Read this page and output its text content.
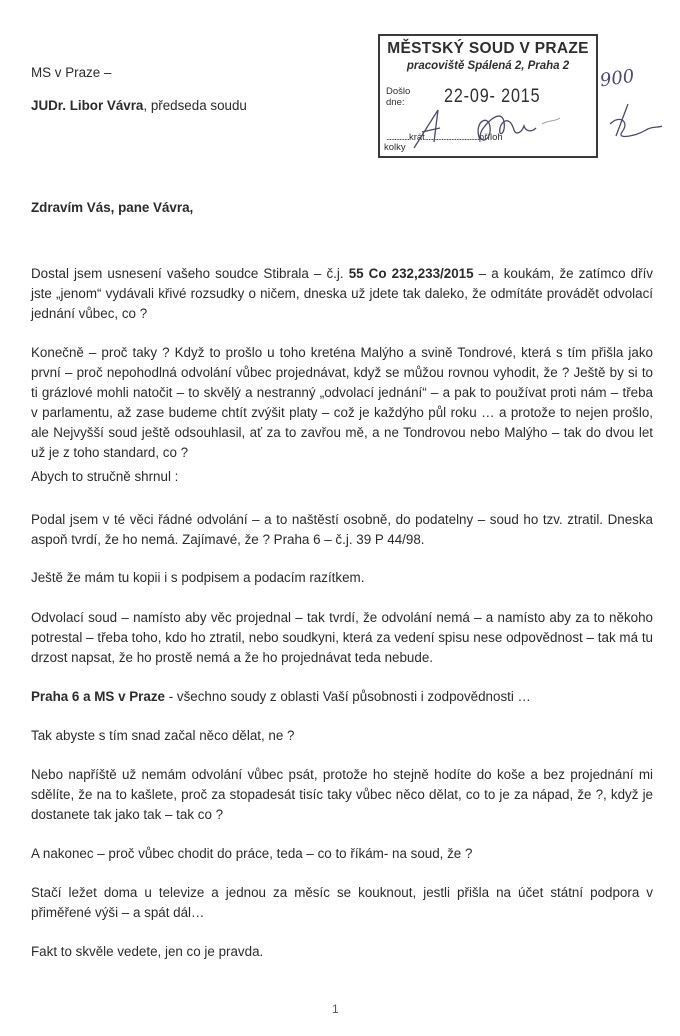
MS v Praze –
JUDr. Libor Vávra, předseda soudu
MĚSTSKÝ SOUD V PRAZE
pracoviště Spálená 2, Praha 2
Došlo
dne:	22-09- 2015
..............krát.................................příloh
kolky
900
Zdravím Vás, pane Vávra,

Dostal jsem usnesení vašeho soudce Stibrala – č.j. 55 Co 232,233/2015 – a koukám, že zatímco dřív jste „jenom“ vydávali křivé rozsudky o ničem, dneska už jdete tak daleko, že odmítáte provádět odvolací jednání vůbec, co ?

Konečně – proč taky ? Když to prošlo u toho kreténa Malýho a svině Tondrové, která s tím přišla jako první – proč nepohodlná odvolání vůbec projednávat, když se můžou rovnou vyhodit, že ? Ještě by si to ti grázlové mohli natočit – to skvělý a nestranný „odvolací jednání“ – a pak to používat proti nám – třeba v parlamentu, až zase budeme chtít zvýšit platy – což je každýho půl roku … a protože to nejen prošlo, ale Nejvyšší soud ještě odsouhlasil, ať za to zavřou mě, a ne Tondrovou nebo Malýho – tak do dvou let už je z toho standard, co ?

Abych to stručně shrnul :

Podal jsem v té věci řádné odvolání – a to naštěstí osobně, do podatelny – soud ho tzv. ztratil. Dneska aspoň tvrdí, že ho nemá. Zajímavé, že ? Praha 6 – č.j. 39 P 44/98.

Ještě že mám tu kopii i s podpisem a podacím razítkem.

Odvolací soud – namísto aby věc projednal – tak tvrdí, že odvolání nemá – a namísto aby za to někoho potrestal – třeba toho, kdo ho ztratil, nebo soudkyni, která za vedení spisu nese odpovědnost – tak má tu drzost napsat, že ho prostě nemá a že ho projednávat teda nebude.

Praha 6 a MS v Praze - všechno soudy z oblasti Vaší působnosti i zodpovědnosti …

Tak abyste s tím snad začal něco dělat, ne ?

Nebo napříště už nemám odvolání vůbec psát, protože ho stejně hodíte do koše a bez projednání mi sdělíte, že na to kašlete, proč za stopadesát tisíc taky vůbec něco dělat, co to je za nápad, že ?, když je dostanete tak jako tak – tak co ?

A nakonec – proč vůbec chodit do práce, teda – co to říkám- na soud, že ?

Stačí ležet doma u televize a jednou za měsíc se kouknout, jestli přišla na účet státní podpora v přiměřené výši – a spát dál…

Fakt to skvěle vedete, jen co je pravda.

1
